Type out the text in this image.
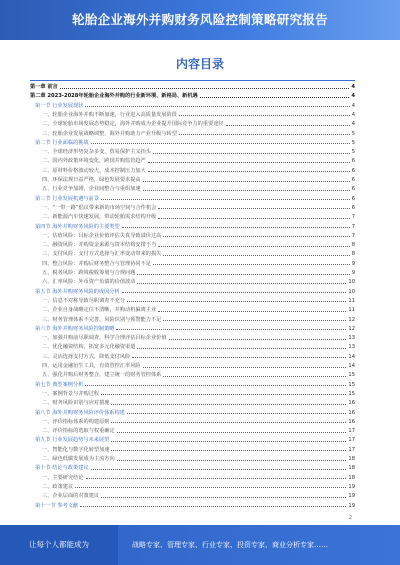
轮胎企业海外并购财务风险控制策略研究报告
内容目录
第一章 前言	4
第二章 2023-2028年轮胎企业海外并购的行业新环境、新格局、新机遇	4
第一节 行业发展现状	4
一、轮胎企业海外并购不断加速，行业进入高质量发展阶段	4
二、全球轮胎市场发展态势稳定，海外并购成为企业提升国际竞争力的重要途径	4
三、轮胎企业发展战略调整，海外并购助力产业升级与转型	5
第二节 行业面临的挑战	5
一、全球经济形势复杂多变，贸易保护主义抬头	5
二、国内外政策环境变化，跨国并购监管趋严	6
三、原材料价格波动较大，成本控制压力加大	6
四、环保法规日益严格，绿色发展要求提高	6
五、行业竞争加剧，企业间整合与重组加速	6
第三节 行业发展机遇与前景	6
一、“一带一路”倡议带来新的市场空间与合作机会	6
二、新能源汽车快速发展，带动轮胎需求结构升级	7
第四节 海外并购财务风险的主要类型	7
一、估值风险：目标企业价值评估失真导致溢价过高	7
二、融资风险：并购资金来源与资本结构安排不当	8
三、支付风险：支付方式选择与汇率变动带来的损失	8
四、整合风险：并购后财务整合与管理协同不足	9
五、税务风险：跨境税收筹划与合规问题	9
六、汇率风险：外币资产负债的价值波动	10
第五节 海外并购财务风险的成因分析	10
一、信息不对称导致尽职调查不充分	11
二、企业自身战略定位不清晰，并购动机偏离主业	11
三、财务管理体系不完善，风险识别与预警能力不足	12
第六节 海外并购财务风险控制策略	12
一、加强并购前尽职调查，科学合理评估目标企业价值	13
二、优化融资结构，拓宽多元化融资渠道	13
三、灵活选择支付方式，降低支付风险	14
四、运用金融衍生工具，有效管控汇率风险	14
五、强化并购后财务整合，建立统一的财务管控体系	15
第七节 典型案例分析	15
一、案例背景与并购过程	15
二、财务风险识别与应对措施	16
第八节 海外并购财务风险评价体系构建	16
一、评价指标体系的构建原则	16
二、评价指标的选取与权重确定	17
第九节 行业发展趋势与未来展望	17
一、智能化与数字化转型加速	17
二、绿色低碳发展成为主流方向	18
第十节 结论与政策建议	18
一、主要研究结论	18
二、政策建议	19
三、企业层面的对策建议	19
第十一节 参考文献	19
2
让每个人都能成为	战略专家、管理专家、行业专家、投资专家、商业分析专家……
